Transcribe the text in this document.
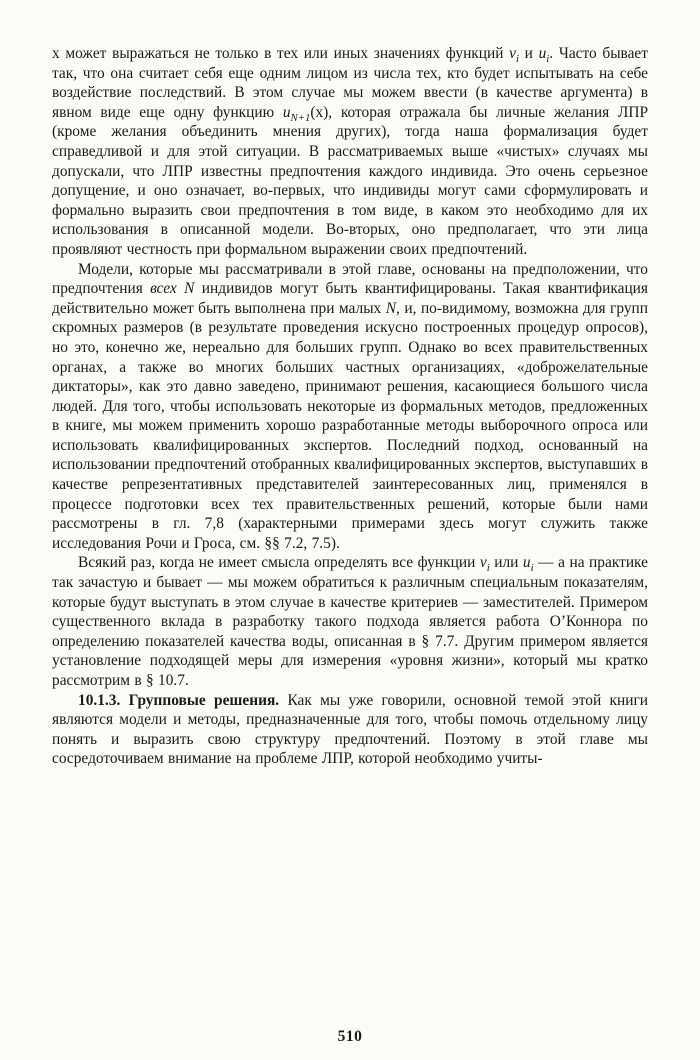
х может выражаться не только в тех или иных значениях функций $v_i$ и $u_i$. Часто бывает так, что она считает себя еще одним лицом из числа тех, кто будет испытывать на себе воздействие последствий. В этом случае мы можем ввести (в качестве аргумента) в явном виде еще одну функцию $u_{N+1}(х)$, которая отражала бы личные желания ЛПР (кроме желания объединить мнения других), тогда наша формализация будет справедливой и для этой ситуации. В рассматриваемых выше «чистых» случаях мы допускали, что ЛПР известны предпочтения каждого индивида. Это очень серьезное допущение, и оно означает, во-первых, что индивиды могут сами сформулировать и формально выразить свои предпочтения в том виде, в каком это необходимо для их использования в описанной модели. Во-вторых, оно предполагает, что эти лица проявляют честность при формальном выражении своих предпочтений.

Модели, которые мы рассматривали в этой главе, основаны на предположении, что предпочтения всех N индивидов могут быть квантифицированы. Такая квантификация действительно может быть выполнена при малых N, и, по-видимому, возможна для групп скромных размеров (в результате проведения искусно построенных процедур опросов), но это, конечно же, нереально для больших групп. Однако во всех правительственных органах, а также во многих больших частных организациях, «доброжелательные диктаторы», как это давно заведено, принимают решения, касающиеся большого числа людей. Для того, чтобы использовать некоторые из формальных методов, предложенных в книге, мы можем применить хорошо разработанные методы выборочного опроса или использовать квалифицированных экспертов. Последний подход, основанный на использовании предпочтений отобранных квалифицированных экспертов, выступавших в качестве репрезентативных представителей заинтересованных лиц, применялся в процессе подготовки всех тех правительственных решений, которые были нами рассмотрены в гл. 7,8 (характерными примерами здесь могут служить также исследования Рочи и Гроса, см. §§ 7.2, 7.5).

Всякий раз, когда не имеет смысла определять все функции $v_i$ или $u_i$ — а на практике так зачастую и бывает — мы можем обратиться к различным специальным показателям, которые будут выступать в этом случае в качестве критериев — заместителей. Примером существенного вклада в разработку такого подхода является работа О’Коннора по определению показателей качества воды, описанная в § 7.7. Другим примером является установление подходящей меры для измерения «уровня жизни», который мы кратко рассмотрим в § 10.7.

10.1.3. Групповые решения. Как мы уже говорили, основной темой этой книги являются модели и методы, предназначенные для того, чтобы помочь отдельному лицу понять и выразить свою структуру предпочтений. Поэтому в этой главе мы сосредоточиваем внимание на проблеме ЛПР, которой необходимо учиты-

510
